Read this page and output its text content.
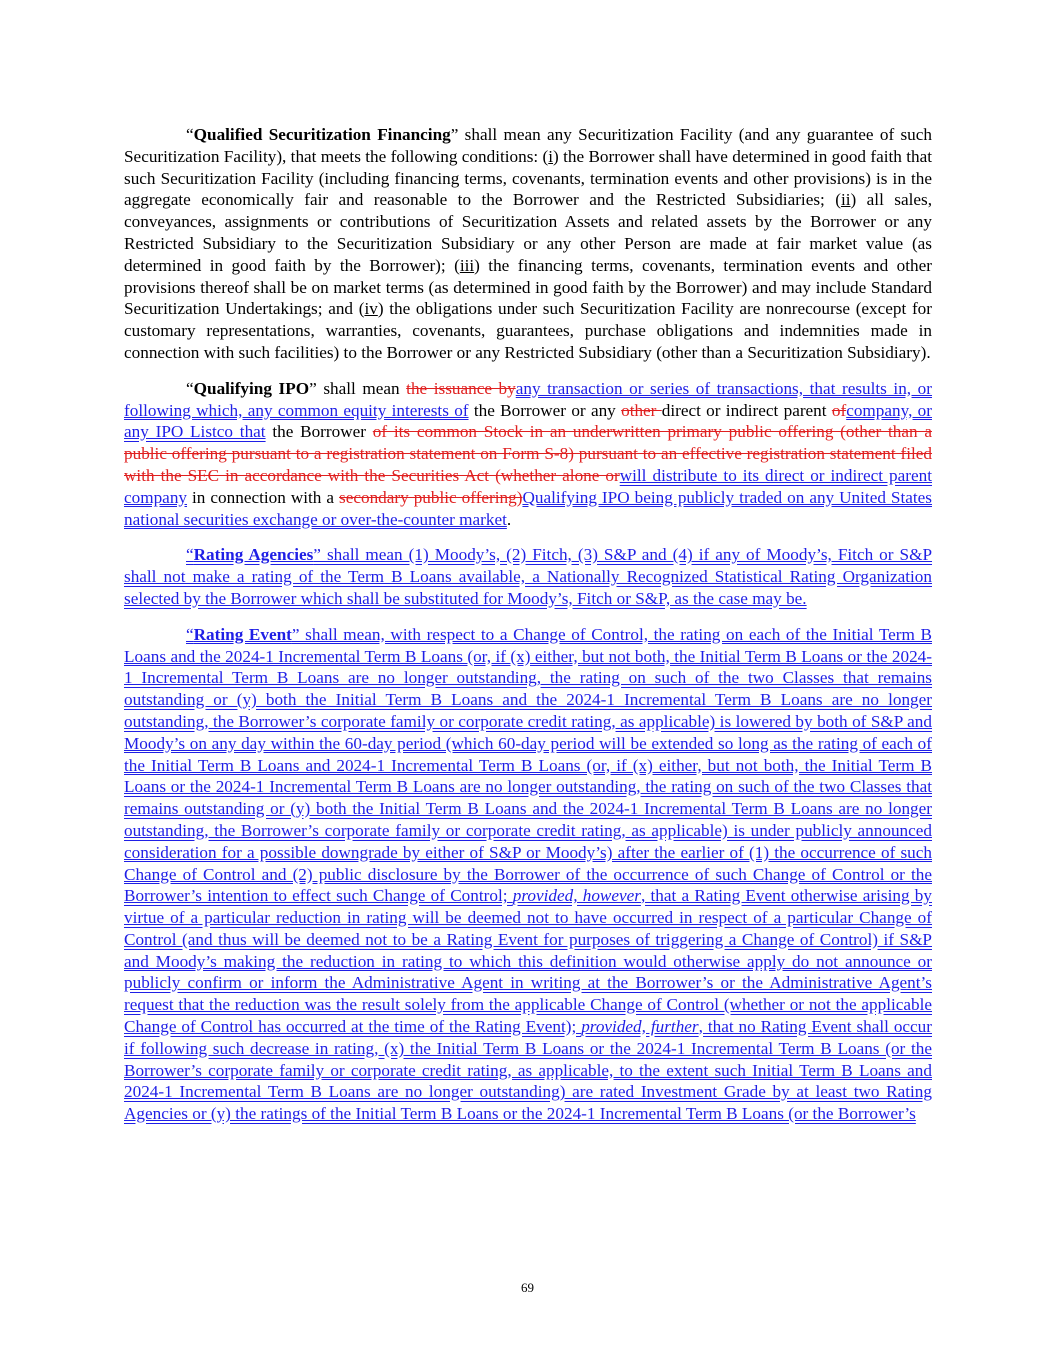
“Qualified Securitization Financing” shall mean any Securitization Facility (and any guarantee of such Securitization Facility), that meets the following conditions: (i) the Borrower shall have determined in good faith that such Securitization Facility (including financing terms, covenants, termination events and other provisions) is in the aggregate economically fair and reasonable to the Borrower and the Restricted Subsidiaries; (ii) all sales, conveyances, assignments or contributions of Securitization Assets and related assets by the Borrower or any Restricted Subsidiary to the Securitization Subsidiary or any other Person are made at fair market value (as determined in good faith by the Borrower); (iii) the financing terms, covenants, termination events and other provisions thereof shall be on market terms (as determined in good faith by the Borrower) and may include Standard Securitization Undertakings; and (iv) the obligations under such Securitization Facility are nonrecourse (except for customary representations, warranties, covenants, guarantees, purchase obligations and indemnities made in connection with such facilities) to the Borrower or any Restricted Subsidiary (other than a Securitization Subsidiary).

“Qualifying IPO” shall mean the issuance byany transaction or series of transactions, that results in, or following which, any common equity interests of the Borrower or any other direct or indirect parent ofcompany, or any IPO Listco that the Borrower of its common Stock in an underwritten primary public offering (other than a public offering pursuant to a registration statement on Form S-8) pursuant to an effective registration statement filed with the SEC in accordance with the Securities Act (whether alone orwill distribute to its direct or indirect parent company in connection with a secondary public offering)Qualifying IPO being publicly traded on any United States national securities exchange or over-the-counter market.

“Rating Agencies” shall mean (1) Moody’s, (2) Fitch, (3) S&P and (4) if any of Moody’s, Fitch or S&P shall not make a rating of the Term B Loans available, a Nationally Recognized Statistical Rating Organization selected by the Borrower which shall be substituted for Moody’s, Fitch or S&P, as the case may be.

“Rating Event” shall mean, with respect to a Change of Control, the rating on each of the Initial Term B Loans and the 2024-1 Incremental Term B Loans (or, if (x) either, but not both, the Initial Term B Loans or the 2024-1 Incremental Term B Loans are no longer outstanding, the rating on such of the two Classes that remains outstanding or (y) both the Initial Term B Loans and the 2024-1 Incremental Term B Loans are no longer outstanding, the Borrower’s corporate family or corporate credit rating, as applicable) is lowered by both of S&P and Moody’s on any day within the 60-day period (which 60-day period will be extended so long as the rating of each of the Initial Term B Loans and 2024-1 Incremental Term B Loans (or, if (x) either, but not both, the Initial Term B Loans or the 2024-1 Incremental Term B Loans are no longer outstanding, the rating on such of the two Classes that remains outstanding or (y) both the Initial Term B Loans and the 2024-1 Incremental Term B Loans are no longer outstanding, the Borrower’s corporate family or corporate credit rating, as applicable) is under publicly announced consideration for a possible downgrade by either of S&P or Moody’s) after the earlier of (1) the occurrence of such Change of Control and (2) public disclosure by the Borrower of the occurrence of such Change of Control or the Borrower’s intention to effect such Change of Control; provided, however, that a Rating Event otherwise arising by virtue of a particular reduction in rating will be deemed not to have occurred in respect of a particular Change of Control (and thus will be deemed not to be a Rating Event for purposes of triggering a Change of Control) if S&P and Moody’s making the reduction in rating to which this definition would otherwise apply do not announce or publicly confirm or inform the Administrative Agent in writing at the Borrower’s or the Administrative Agent’s request that the reduction was the result solely from the applicable Change of Control (whether or not the applicable Change of Control has occurred at the time of the Rating Event); provided, further, that no Rating Event shall occur if following such decrease in rating, (x) the Initial Term B Loans or the 2024-1 Incremental Term B Loans (or the Borrower’s corporate family or corporate credit rating, as applicable, to the extent such Initial Term B Loans and 2024-1 Incremental Term B Loans are no longer outstanding) are rated Investment Grade by at least two Rating Agencies or (y) the ratings of the Initial Term B Loans or the 2024-1 Incremental Term B Loans (or the Borrower’s

69
